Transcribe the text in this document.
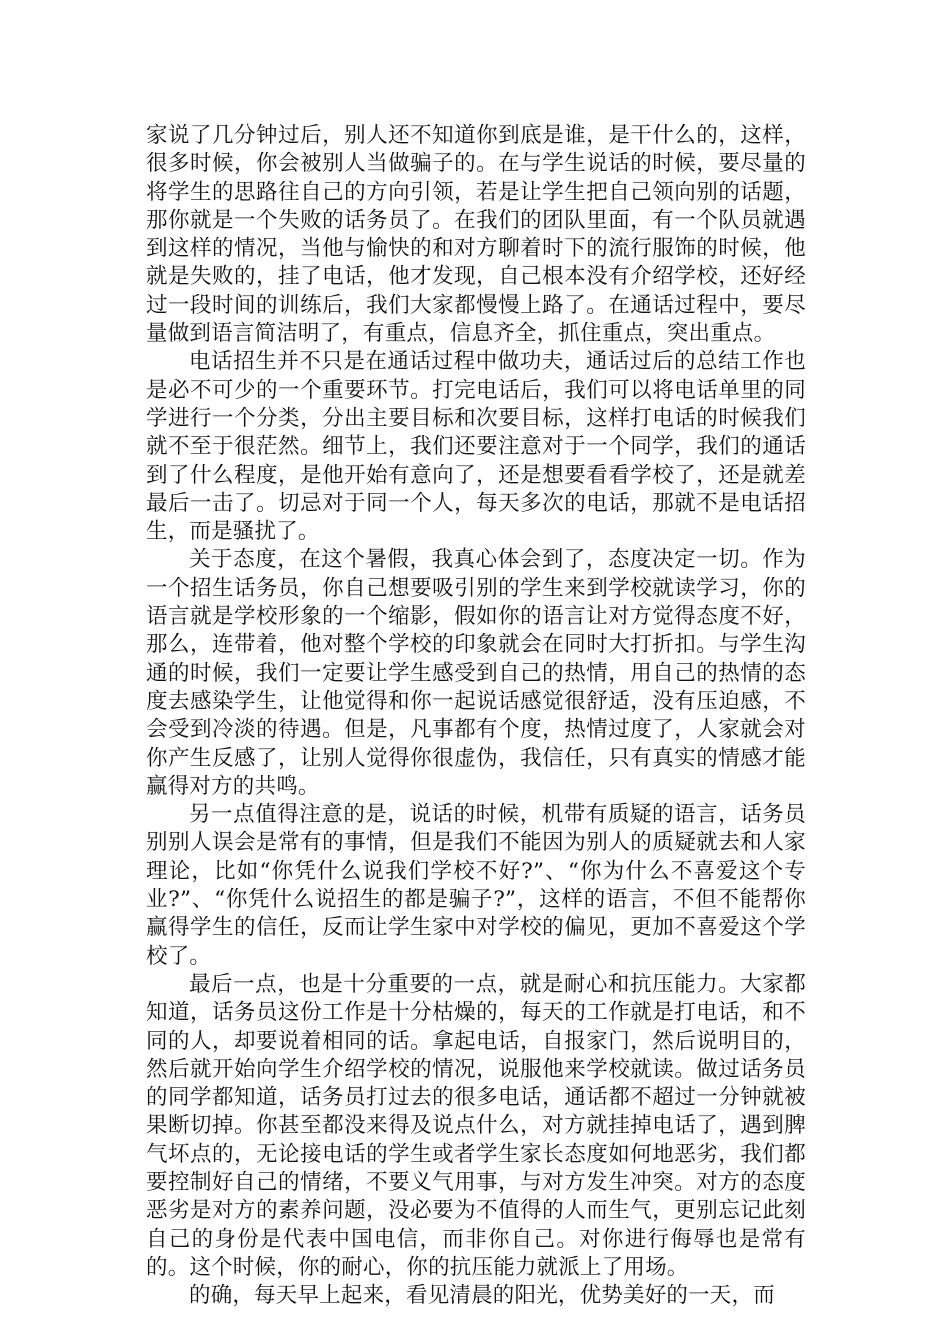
家说了几分钟过后，别人还不知道你到底是谁，是干什么的，这样，很多时候，你会被别人当做骗子的。在与学生说话的时候，要尽量的将学生的思路往自己的方向引领，若是让学生把自己领向别的话题，那你就是一个失败的话务员了。在我们的团队里面，有一个队员就遇到这样的情况，当他与愉快的和对方聊着时下的流行服饰的时候，他就是失败的，挂了电话，他才发现，自己根本没有介绍学校，还好经过一段时间的训练后，我们大家都慢慢上路了。在通话过程中，要尽量做到语言简洁明了，有重点，信息齐全，抓住重点，突出重点。

电话招生并不只是在通话过程中做功夫，通话过后的总结工作也是必不可少的一个重要环节。打完电话后，我们可以将电话单里的同学进行一个分类，分出主要目标和次要目标，这样打电话的时候我们就不至于很茫然。细节上，我们还要注意对于一个同学，我们的通话到了什么程度，是他开始有意向了，还是想要看看学校了，还是就差最后一击了。切忌对于同一个人，每天多次的电话，那就不是电话招生，而是骚扰了。

关于态度，在这个暑假，我真心体会到了，态度决定一切。作为一个招生话务员，你自己想要吸引别的学生来到学校就读学习，你的语言就是学校形象的一个缩影，假如你的语言让对方觉得态度不好，那么，连带着，他对整个学校的印象就会在同时大打折扣。与学生沟通的时候，我们一定要让学生感受到自己的热情，用自己的热情的态度去感染学生，让他觉得和你一起说话感觉很舒适，没有压迫感，不会受到冷淡的待遇。但是，凡事都有个度，热情过度了，人家就会对你产生反感了，让别人觉得你很虚伪，我信任，只有真实的情感才能赢得对方的共鸣。

另一点值得注意的是，说话的时候，机带有质疑的语言，话务员别别人误会是常有的事情，但是我们不能因为别人的质疑就去和人家理论，比如“你凭什么说我们学校不好?”、“你为什么不喜爱这个专业?”、“你凭什么说招生的都是骗子?”，这样的语言，不但不能帮你赢得学生的信任，反而让学生家中对学校的偏见，更加不喜爱这个学校了。

最后一点，也是十分重要的一点，就是耐心和抗压能力。大家都知道，话务员这份工作是十分枯燥的，每天的工作就是打电话，和不同的人，却要说着相同的话。拿起电话，自报家门，然后说明目的，然后就开始向学生介绍学校的情况，说服他来学校就读。做过话务员的同学都知道，话务员打过去的很多电话，通话都不超过一分钟就被果断切掉。你甚至都没来得及说点什么，对方就挂掉电话了，遇到脾气坏点的，无论接电话的学生或者学生家长态度如何地恶劣，我们都要控制好自己的情绪，不要义气用事，与对方发生冲突。对方的态度恶劣是对方的素养问题，没必要为不值得的人而生气，更别忘记此刻自己的身份是代表中国电信，而非你自己。对你进行侮辱也是常有的。这个时候，你的耐心，你的抗压能力就派上了用场。

的确，每天早上起来，看见清晨的阳光，优势美好的一天，而
